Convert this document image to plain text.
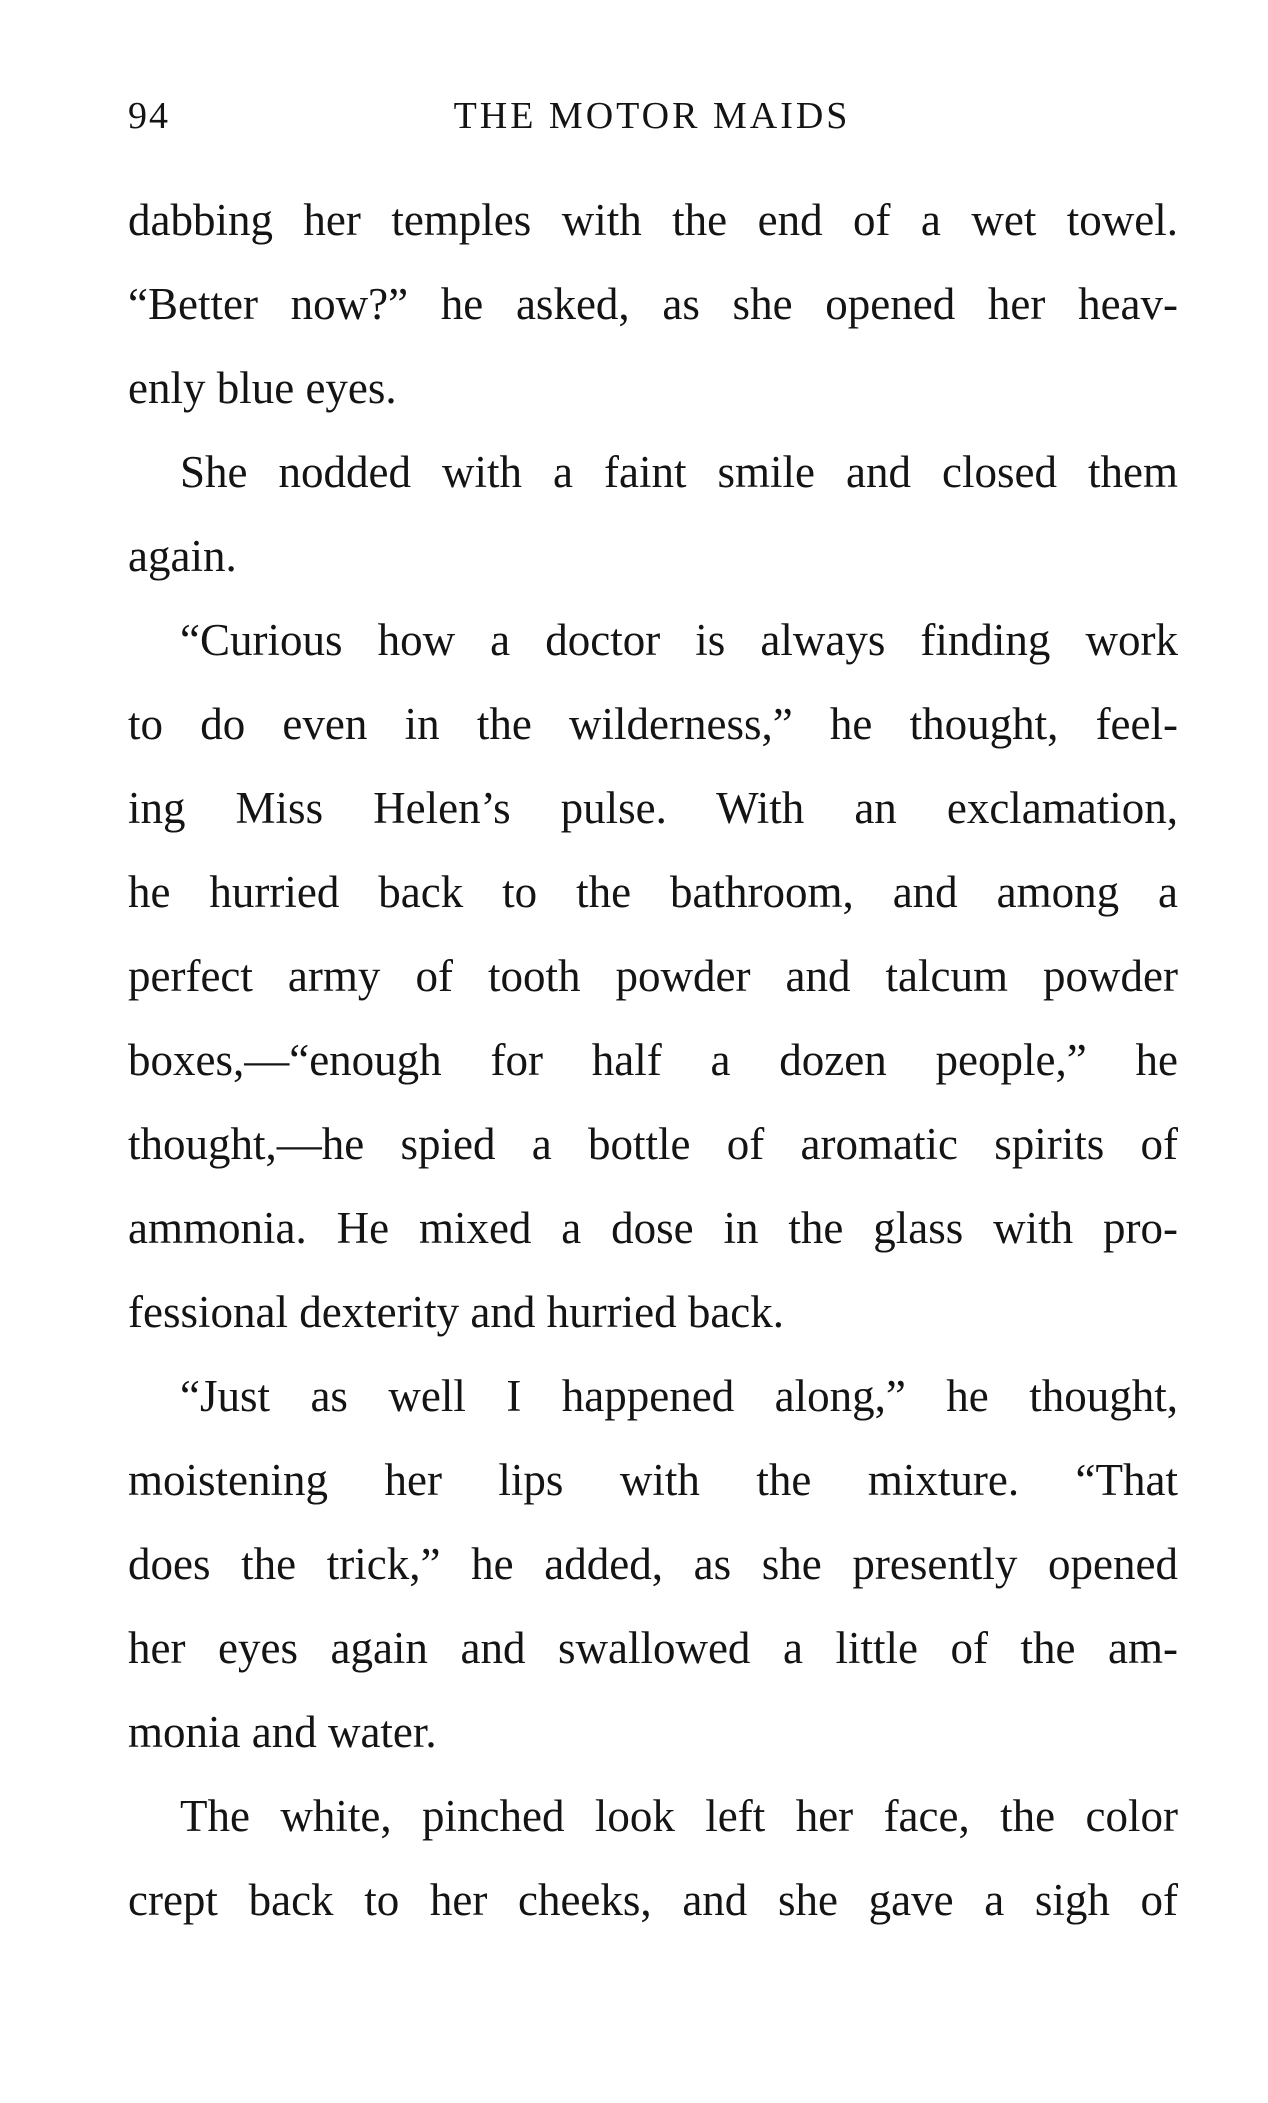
94	THE MOTOR MAIDS
dabbing her temples with the end of a wet towel.
“Better now?” he asked, as she opened her heav-
enly blue eyes.
She nodded with a faint smile and closed them
again.
“Curious how a doctor is always finding work
to do even in the wilderness,” he thought, feel-
ing Miss Helen’s pulse. With an exclamation,
he hurried back to the bathroom, and among a
perfect army of tooth powder and talcum powder
boxes,—“enough for half a dozen people,” he
thought,—he spied a bottle of aromatic spirits of
ammonia. He mixed a dose in the glass with pro-
fessional dexterity and hurried back.
“Just as well I happened along,” he thought,
moistening her lips with the mixture. “That
does the trick,” he added, as she presently opened
her eyes again and swallowed a little of the am-
monia and water.
The white, pinched look left her face, the color
crept back to her cheeks, and she gave a sigh of
